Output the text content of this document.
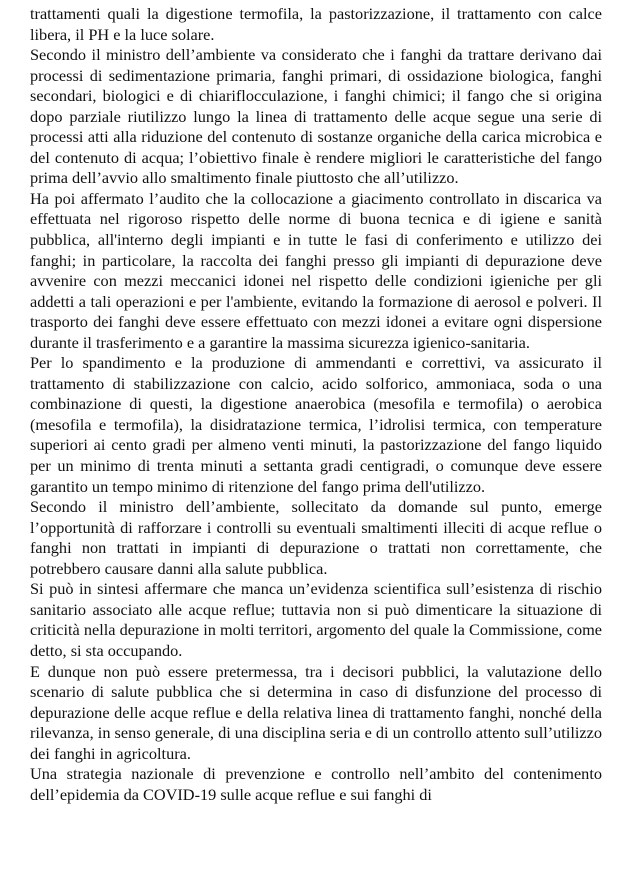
trattamenti quali la digestione termofila, la pastorizzazione, il trattamento con calce libera, il PH e la luce solare.

Secondo il ministro dell’ambiente va considerato che i fanghi da trattare derivano dai processi di sedimentazione primaria, fanghi primari, di ossidazione biologica, fanghi secondari, biologici e di chiariflocculazione, i fanghi chimici; il fango che si origina dopo parziale riutilizzo lungo la linea di trattamento delle acque segue una serie di processi atti alla riduzione del contenuto di sostanze organiche della carica microbica e del contenuto di acqua; l’obiettivo finale è rendere migliori le caratteristiche del fango prima dell’avvio allo smaltimento finale piuttosto che all’utilizzo.

Ha poi affermato l’audito che la collocazione a giacimento controllato in discarica va effettuata nel rigoroso rispetto delle norme di buona tecnica e di igiene e sanità pubblica, all'interno degli impianti e in tutte le fasi di conferimento e utilizzo dei fanghi; in particolare, la raccolta dei fanghi presso gli impianti di depurazione deve avvenire con mezzi meccanici idonei nel rispetto delle condizioni igieniche per gli addetti a tali operazioni e per l'ambiente, evitando la formazione di aerosol e polveri. Il trasporto dei fanghi deve essere effettuato con mezzi idonei a evitare ogni dispersione durante il trasferimento e a garantire la massima sicurezza igienico-sanitaria.

Per lo spandimento e la produzione di ammendanti e correttivi, va assicurato il trattamento di stabilizzazione con calcio, acido solforico, ammoniaca, soda o una combinazione di questi, la digestione anaerobica (mesofila e termofila) o aerobica (mesofila e termofila), la disidratazione termica, l’idrolisi termica, con temperature superiori ai cento gradi per almeno venti minuti, la pastorizzazione del fango liquido per un minimo di trenta minuti a settanta gradi centigradi, o comunque deve essere garantito un tempo minimo di ritenzione del fango prima dell'utilizzo.

Secondo il ministro dell’ambiente, sollecitato da domande sul punto, emerge l’opportunità di rafforzare i controlli su eventuali smaltimenti illeciti di acque reflue o fanghi non trattati in impianti di depurazione o trattati non correttamente, che potrebbero causare danni alla salute pubblica.

Si può in sintesi affermare che manca un’evidenza scientifica sull’esistenza di rischio sanitario associato alle acque reflue; tuttavia non si può dimenticare la situazione di criticità nella depurazione in molti territori, argomento del quale la Commissione, come detto, si sta occupando.

E dunque non può essere pretermessa, tra i decisori pubblici, la valutazione dello scenario di salute pubblica che si determina in caso di disfunzione del processo di depurazione delle acque reflue e della relativa linea di trattamento fanghi, nonché della rilevanza, in senso generale, di una disciplina seria e di un controllo attento sull’utilizzo dei fanghi in agricoltura.

Una strategia nazionale di prevenzione e controllo nell’ambito del contenimento dell’epidemia da COVID-19 sulle acque reflue e sui fanghi di
